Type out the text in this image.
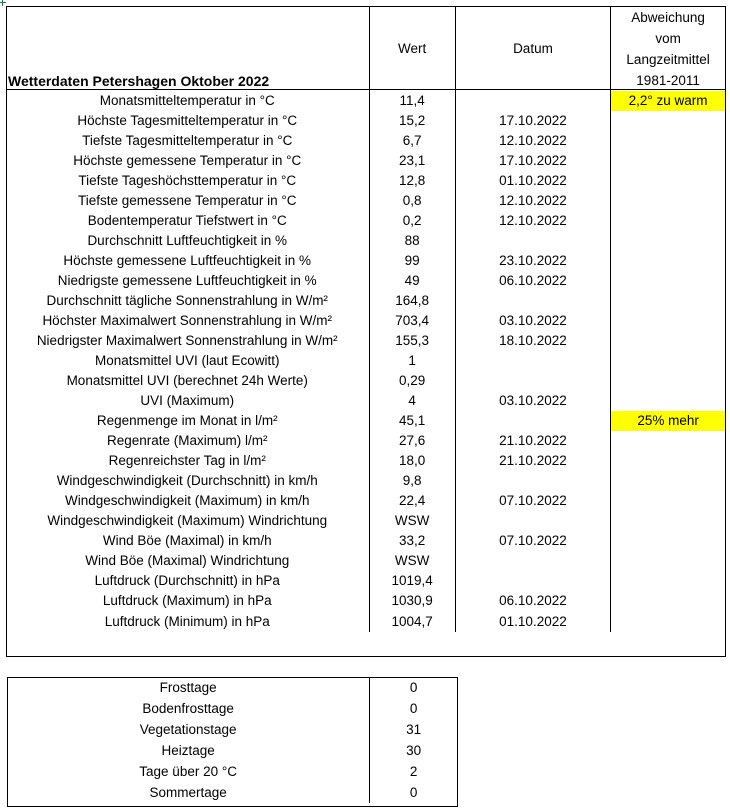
Wetterdaten Petershagen Oktober 2022	Wert	Datum	Abweichung
vom
Langzeitmittel
1981-2011
Monatsmitteltemperatur in °C	11,4		2,2° zu warm
Höchste Tagesmitteltemperatur in °C	15,2	17.10.2022	
Tiefste Tagesmitteltemperatur in °C	6,7	12.10.2022	
Höchste gemessene Temperatur in °C	23,1	17.10.2022	
Tiefste Tageshöchsttemperatur in °C	12,8	01.10.2022	
Tiefste gemessene Temperatur in °C	0,8	12.10.2022	
Bodentemperatur Tiefstwert in °C	0,2	12.10.2022	
Durchschnitt Luftfeuchtigkeit in %	88		
Höchste gemessene Luftfeuchtigkeit in %	99	23.10.2022	
Niedrigste gemessene Luftfeuchtigkeit in %	49	06.10.2022	
Durchschnitt tägliche Sonnenstrahlung in W/m²	164,8		
Höchster Maximalwert Sonnenstrahlung in W/m²	703,4	03.10.2022	
Niedrigster Maximalwert Sonnenstrahlung in W/m²	155,3	18.10.2022	
Monatsmittel UVI (laut Ecowitt)	1		
Monatsmittel UVI (berechnet 24h Werte)	0,29		
UVI (Maximum)	4	03.10.2022	
Regenmenge im Monat in l/m²	45,1		25% mehr
Regenrate (Maximum) l/m²	27,6	21.10.2022	
Regenreichster Tag in l/m²	18,0	21.10.2022	
Windgeschwindigkeit (Durchschnitt) in km/h	9,8		
Windgeschwindigkeit (Maximum) in km/h	22,4	07.10.2022	
Windgeschwindigkeit (Maximum) Windrichtung	WSW		
Wind Böe (Maximal) in km/h	33,2	07.10.2022	
Wind Böe (Maximal) Windrichtung	WSW		
Luftdruck (Durchschnitt) in hPa	1019,4		
Luftdruck (Maximum) in hPa	1030,9	06.10.2022	
Luftdruck (Minimum) in hPa	1004,7	01.10.2022	
Frosttage	0
Bodenfrosttage	0
Vegetationstage	31
Heiztage	30
Tage über 20 °C	2
Sommertage	0
